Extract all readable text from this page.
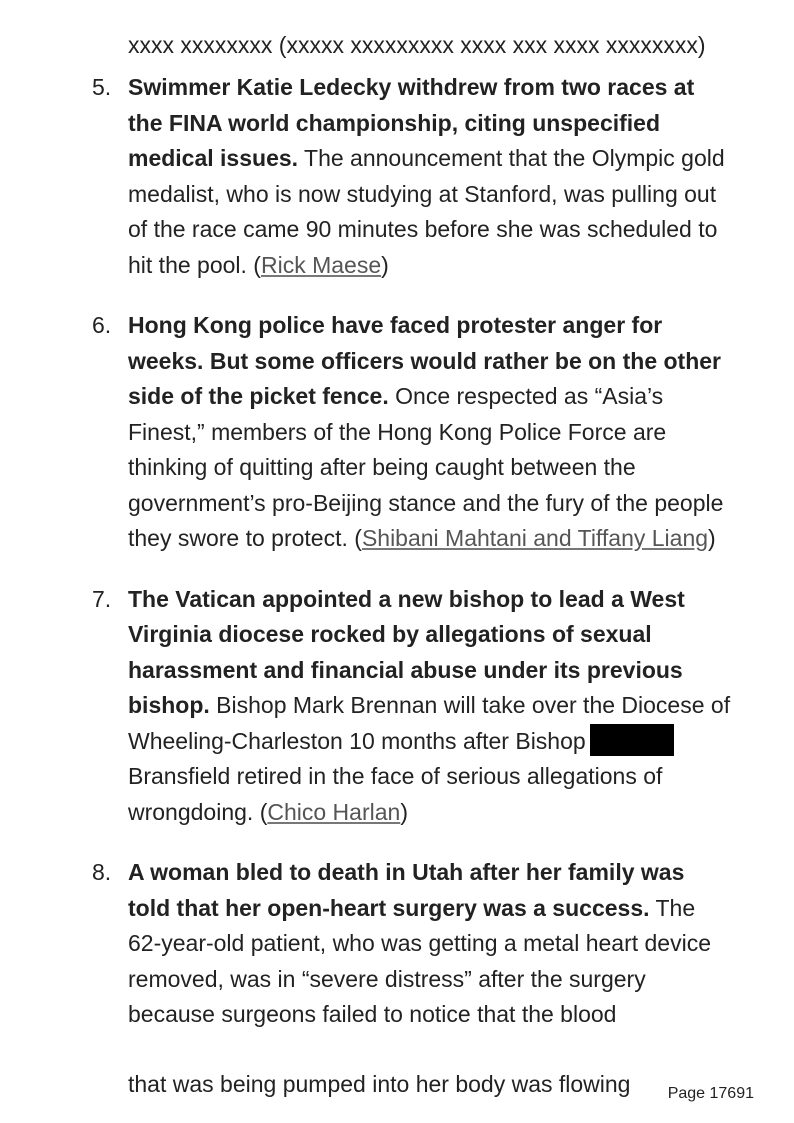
xxxx xxxxxxxx (xxxxx xxxxxxxxx xxxx xxx xxxx xxxxxxxx)
5. Swimmer Katie Ledecky withdrew from two races at the FINA world championship, citing unspecified medical issues. The announcement that the Olympic gold medalist, who is now studying at Stanford, was pulling out of the race came 90 minutes before she was scheduled to hit the pool. (Rick Maese)
6. Hong Kong police have faced protester anger for weeks. But some officers would rather be on the other side of the picket fence. Once respected as “Asia’s Finest,” members of the Hong Kong Police Force are thinking of quitting after being caught between the government’s pro-Beijing stance and the fury of the people they swore to protect. (Shibani Mahtani and Tiffany Liang)
7. The Vatican appointed a new bishop to lead a West Virginia diocese rocked by allegations of sexual harassment and financial abuse under its previous bishop. Bishop Mark Brennan will take over the Diocese of Wheeling-Charleston 10 months after Bishop Bransfield retired in the face of serious allegations of wrongdoing. (Chico Harlan)
8. A woman bled to death in Utah after her family was told that her open-heart surgery was a success. The 62-year-old patient, who was getting a metal heart device removed, was in “severe distress” after the surgery because surgeons failed to notice that the blood
that was being pumped into her body was flowing Page 17691
